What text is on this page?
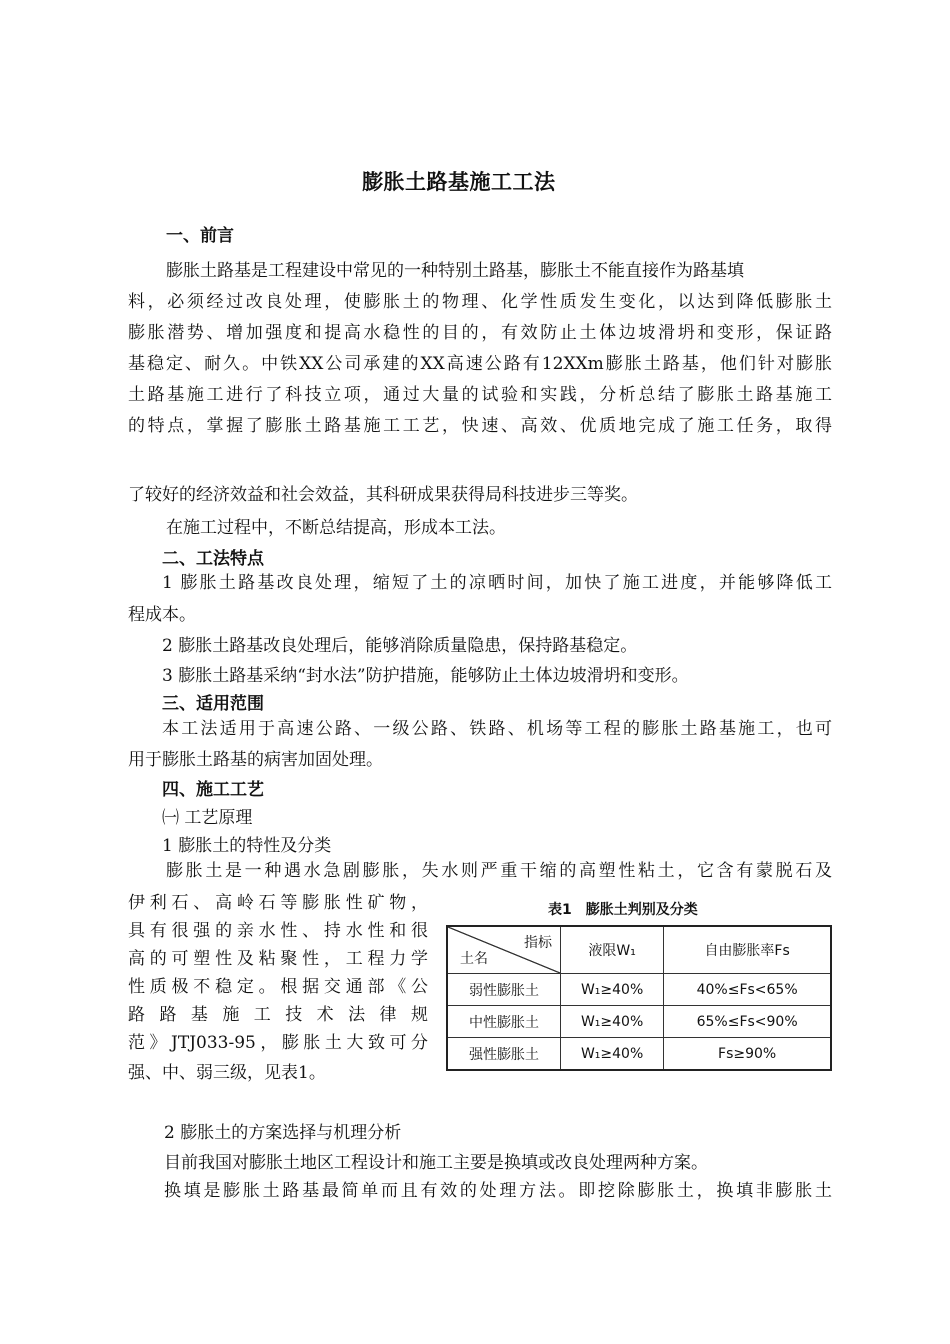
膨胀土路基施工工法
一、前言
膨胀土路基是工程建设中常见的一种特别土路基，膨胀土不能直接作为路基填
料，必须经过改良处理，使膨胀土的物理、化学性质发生变化，以达到降低膨胀土
膨胀潜势、增加强度和提高水稳性的目的，有效防止土体边坡滑坍和变形，保证路
基稳定、耐久。中铁XX公司承建的XX高速公路有12XXm膨胀土路基，他们针对膨胀
土路基施工进行了科技立项，通过大量的试验和实践，分析总结了膨胀土路基施工
的特点，掌握了膨胀土路基施工工艺，快速、高效、优质地完成了施工任务，取得
了较好的经济效益和社会效益，其科研成果获得局科技进步三等奖。
在施工过程中，不断总结提高，形成本工法。
二、工法特点
1 膨胀土路基改良处理，缩短了土的凉晒时间，加快了施工进度，并能够降低工
程成本。
2 膨胀土路基改良处理后，能够消除质量隐患，保持路基稳定。
3 膨胀土路基采纳“封水法”防护措施，能够防止土体边坡滑坍和变形。
三、适用范围
本工法适用于高速公路、一级公路、铁路、机场等工程的膨胀土路基施工，也可
用于膨胀土路基的病害加固处理。
四、施工工艺
㈠ 工艺原理
1 膨胀土的特性及分类
膨胀土是一种遇水急剧膨胀，失水则严重干缩的高塑性粘土，它含有蒙脱石及
伊利石、高岭石等膨胀性矿物，
具有很强的亲水性、持水性和很
高的可塑性及粘聚性，工程力学
性质极不稳定。根据交通部《公
路路基施工技术法律规
范》JTJ033-95，膨胀土大致可分
强、中、弱三级，见表1。
表1　膨胀土判别及分类
指标
土名	液限W₁	自由膨胀率Fs
弱性膨胀土	W₁≥40%	40%≤Fs<65%
中性膨胀土	W₁≥40%	65%≤Fs<90%
强性膨胀土	W₁≥40%	Fs≥90%
2 膨胀土的方案选择与机理分析
目前我国对膨胀土地区工程设计和施工主要是换填或改良处理两种方案。
换填是膨胀土路基最简单而且有效的处理方法。即挖除膨胀土，换填非膨胀土
